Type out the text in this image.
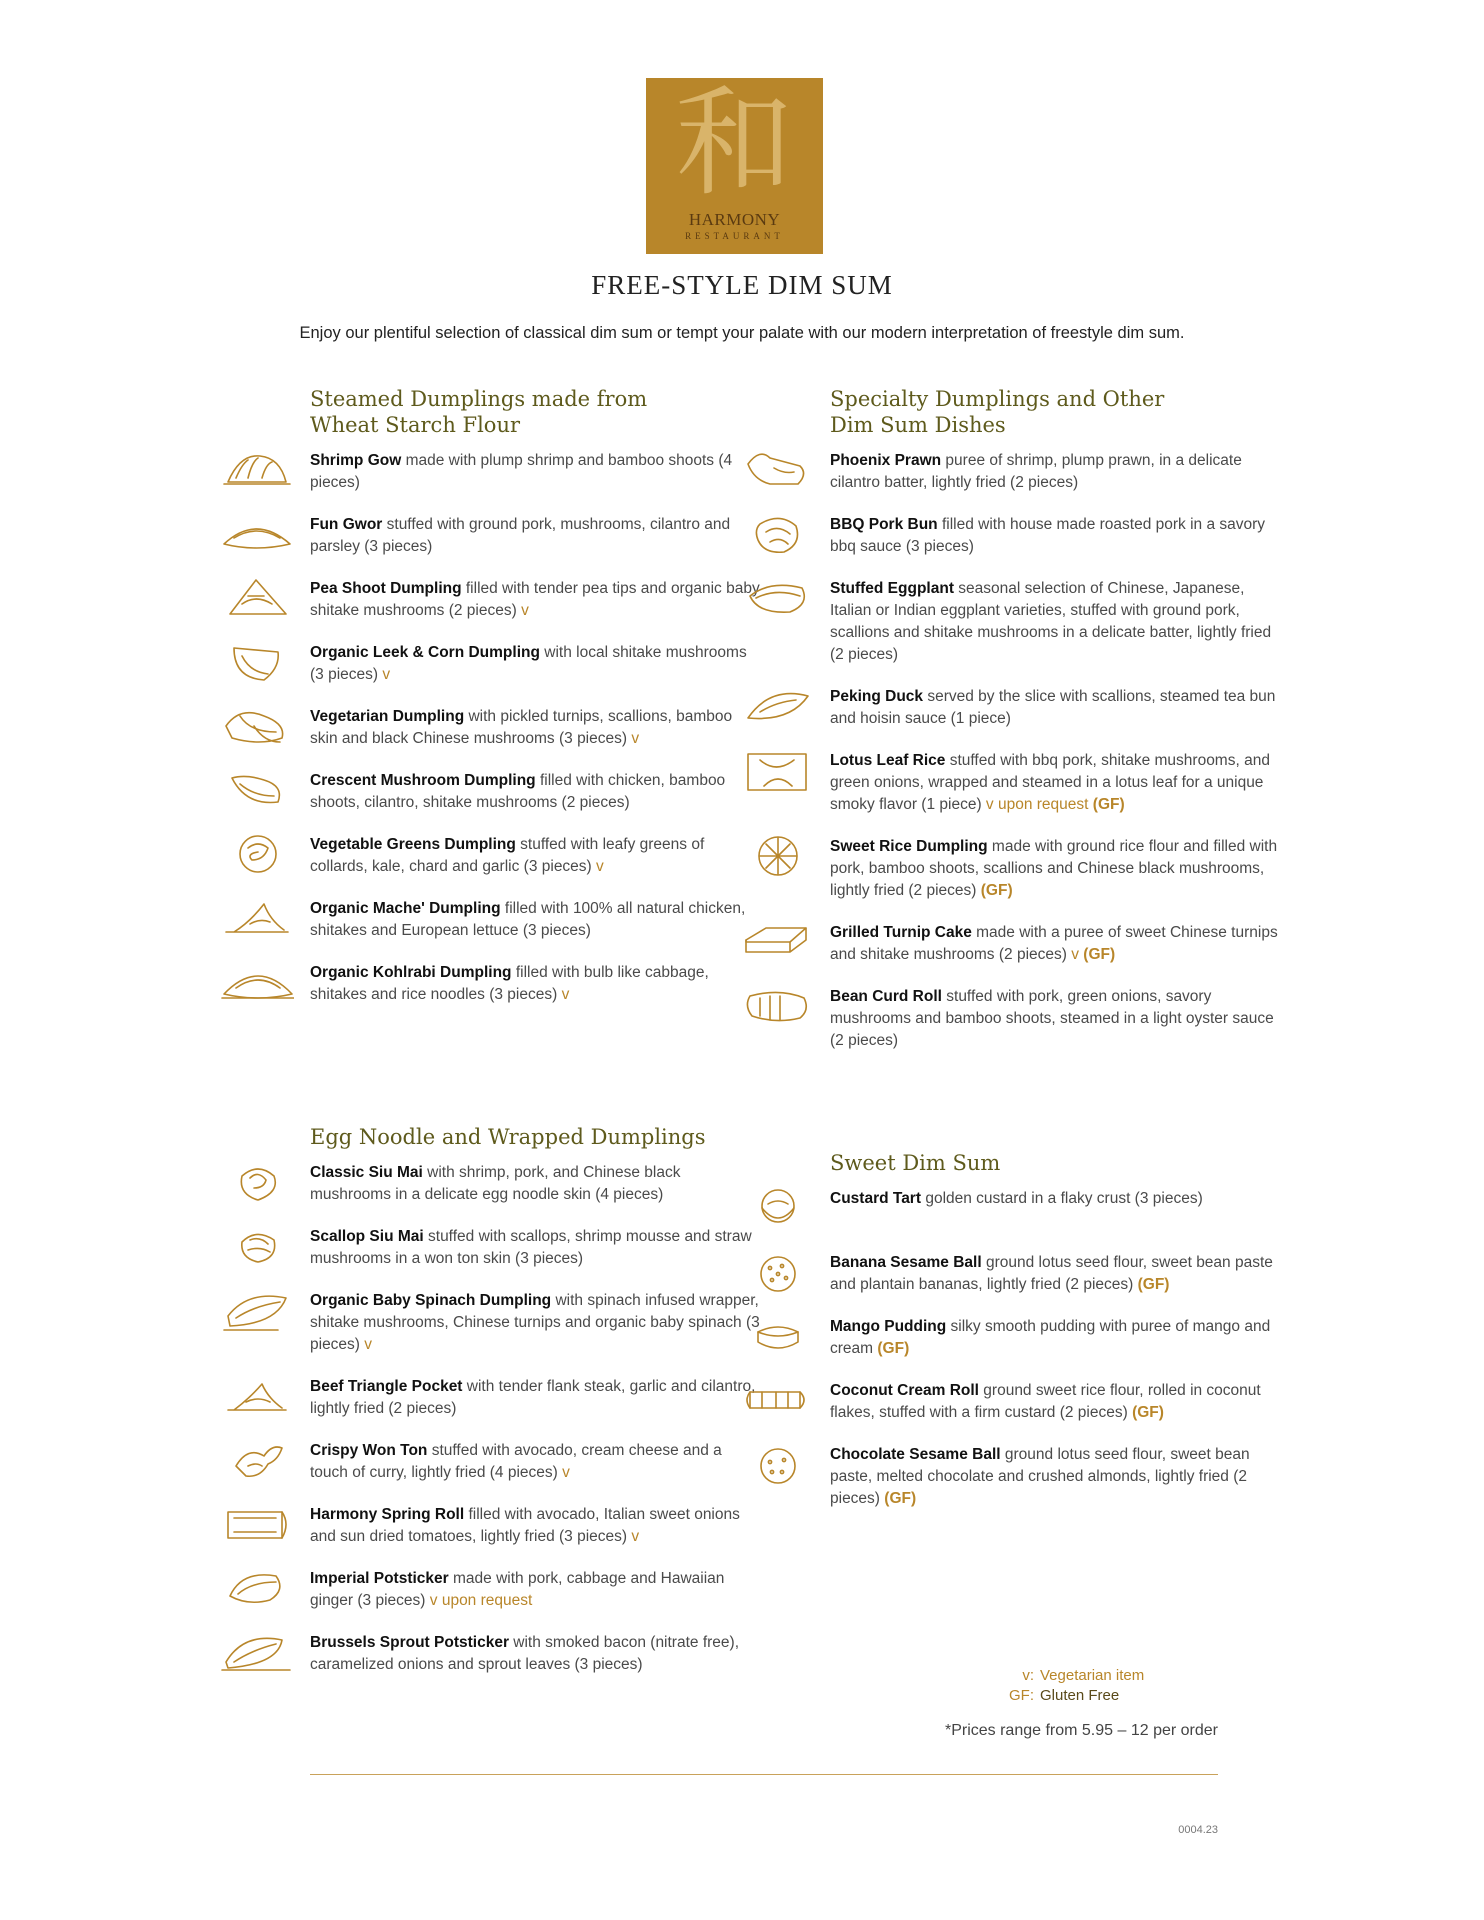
和
HARMONY
RESTAURANT
FREE-STYLE DIM SUM
Enjoy our plentiful selection of classical dim sum or tempt your palate with our modern interpretation of freestyle dim sum.
Steamed Dumplings made from
Wheat Starch Flour
Shrimp Gow made with plump shrimp and bamboo shoots (4 pieces)
Fun Gwor stuffed with ground pork, mushrooms, cilantro and parsley (3 pieces)
Pea Shoot Dumpling filled with tender pea tips and organic baby shitake mushrooms (2 pieces) v
Organic Leek & Corn Dumpling with local shitake mushrooms (3 pieces) v
Vegetarian Dumpling with pickled turnips, scallions, bamboo skin and black Chinese mushrooms (3 pieces) v
Crescent Mushroom Dumpling filled with chicken, bamboo shoots, cilantro, shitake mushrooms (2 pieces)
Vegetable Greens Dumpling stuffed with leafy greens of collards, kale, chard and garlic (3 pieces) v
Organic Mache' Dumpling filled with 100% all natural chicken, shitakes and European lettuce (3 pieces)
Organic Kohlrabi Dumpling filled with bulb like cabbage, shitakes and rice noodles (3 pieces) v
Specialty Dumplings and Other
Dim Sum Dishes
Phoenix Prawn puree of shrimp, plump prawn, in a delicate cilantro batter, lightly fried (2 pieces)
BBQ Pork Bun filled with house made roasted pork in a savory bbq sauce (3 pieces)
Stuffed Eggplant seasonal selection of Chinese, Japanese, Italian or Indian eggplant varieties, stuffed with ground pork, scallions and shitake mushrooms in a delicate batter, lightly fried (2 pieces)
Peking Duck served by the slice with scallions, steamed tea bun and hoisin sauce (1 piece)
Lotus Leaf Rice stuffed with bbq pork, shitake mushrooms, and green onions, wrapped and steamed in a lotus leaf for a unique smoky flavor (1 piece) v upon request (GF)
Sweet Rice Dumpling made with ground rice flour and filled with pork, bamboo shoots, scallions and Chinese black mushrooms, lightly fried (2 pieces) (GF)
Grilled Turnip Cake made with a puree of sweet Chinese turnips and shitake mushrooms (2 pieces) v (GF)
Bean Curd Roll stuffed with pork, green onions, savory mushrooms and bamboo shoots, steamed in a light oyster sauce (2 pieces)
Egg Noodle and Wrapped Dumplings
Classic Siu Mai with shrimp, pork, and Chinese black mushrooms in a delicate egg noodle skin (4 pieces)
Scallop Siu Mai stuffed with scallops, shrimp mousse and straw mushrooms in a won ton skin (3 pieces)
Organic Baby Spinach Dumpling with spinach infused wrapper, shitake mushrooms, Chinese turnips and organic baby spinach (3 pieces) v
Beef Triangle Pocket with tender flank steak, garlic and cilantro, lightly fried (2 pieces)
Crispy Won Ton stuffed with avocado, cream cheese and a touch of curry, lightly fried (4 pieces) v
Harmony Spring Roll filled with avocado, Italian sweet onions and sun dried tomatoes, lightly fried (3 pieces) v
Imperial Potsticker made with pork, cabbage and Hawaiian ginger (3 pieces) v upon request
Brussels Sprout Potsticker with smoked bacon (nitrate free), caramelized onions and sprout leaves (3 pieces)
Sweet Dim Sum
Custard Tart golden custard in a flaky crust (3 pieces)
Banana Sesame Ball ground lotus seed flour, sweet bean paste and plantain bananas, lightly fried (2 pieces) (GF)
Mango Pudding silky smooth pudding with puree of mango and cream (GF)
Coconut Cream Roll ground sweet rice flour, rolled in coconut flakes, stuffed with a firm custard (2 pieces) (GF)
Chocolate Sesame Ball ground lotus seed flour, sweet bean paste, melted chocolate and crushed almonds, lightly fried (2 pieces) (GF)
v: Vegetarian item
GF: Gluten Free
*Prices range from 5.95 – 12 per order
0004.23
